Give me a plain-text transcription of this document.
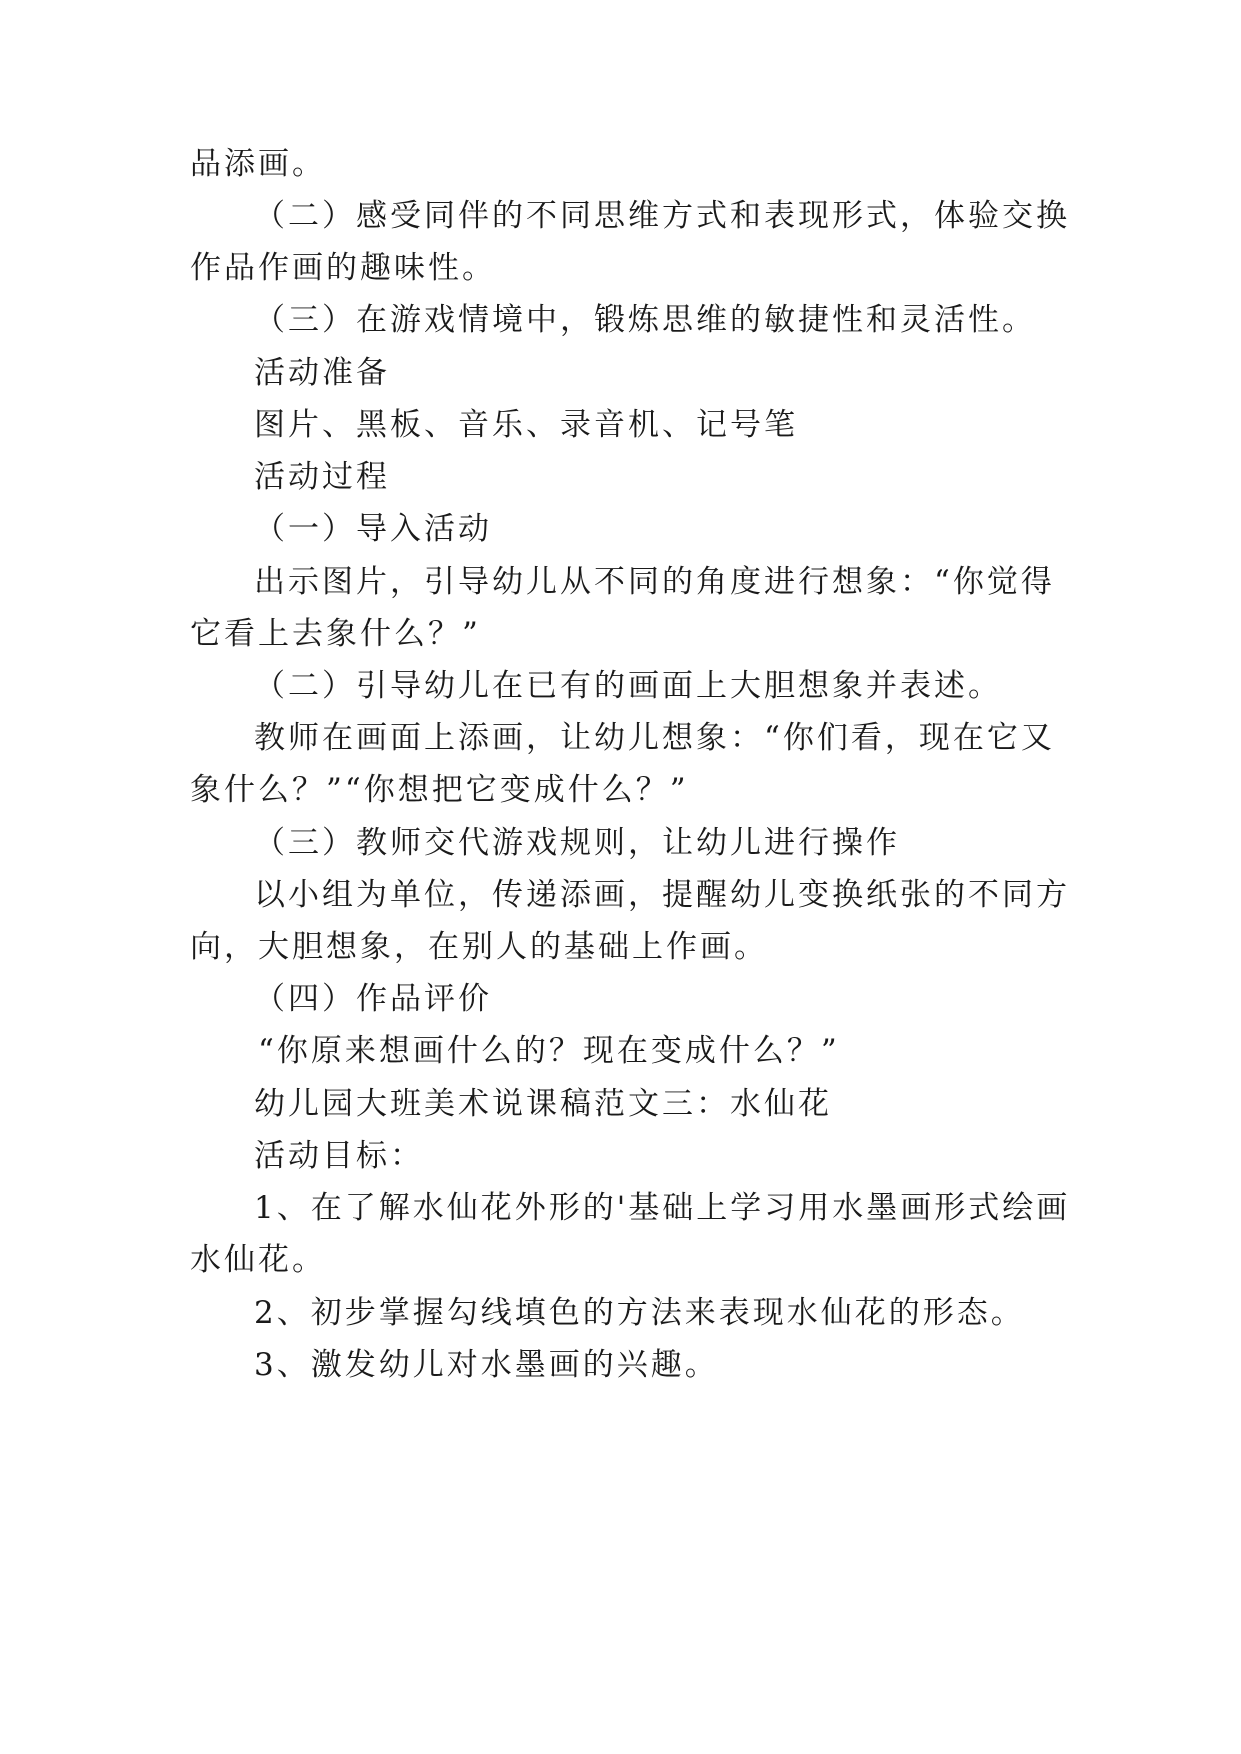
品添画。
（二）感受同伴的不同思维方式和表现形式，体验交换
作品作画的趣味性。
（三）在游戏情境中，锻炼思维的敏捷性和灵活性。
活动准备
图片、黑板、音乐、录音机、记号笔
活动过程
（一）导入活动
出示图片，引导幼儿从不同的角度进行想象：“你觉得
它看上去象什么？”
（二）引导幼儿在已有的画面上大胆想象并表述。
教师在画面上添画，让幼儿想象：“你们看，现在它又
象什么？”“你想把它变成什么？”
（三）教师交代游戏规则，让幼儿进行操作
以小组为单位，传递添画，提醒幼儿变换纸张的不同方
向，大胆想象，在别人的基础上作画。
（四）作品评价
“你原来想画什么的？现在变成什么？”
幼儿园大班美术说课稿范文三：水仙花
活动目标：
1、在了解水仙花外形的'基础上学习用水墨画形式绘画
水仙花。
2、初步掌握勾线填色的方法来表现水仙花的形态。
3、激发幼儿对水墨画的兴趣。
